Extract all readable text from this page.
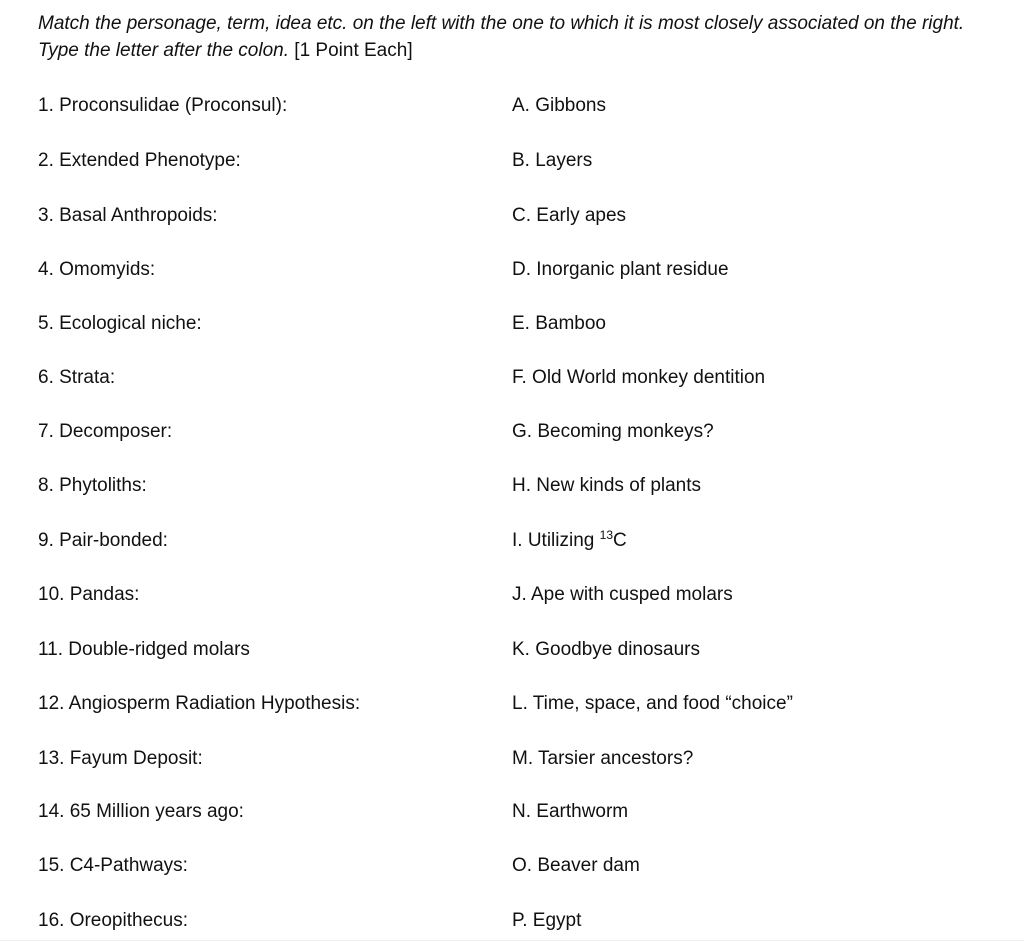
Match the personage, term, idea etc. on the left with the one to which it is most closely associated on the right. Type the letter after the colon. [1 Point Each]
1. Proconsulidae (Proconsul):
2. Extended Phenotype:
3. Basal Anthropoids:
4. Omomyids:
5. Ecological niche:
6. Strata:
7. Decomposer:
8. Phytoliths:
9. Pair-bonded:
10. Pandas:
11. Double-ridged molars
12. Angiosperm Radiation Hypothesis:
13. Fayum Deposit:
14. 65 Million years ago:
15. C4-Pathways:
16. Oreopithecus:
A. Gibbons
B. Layers
C. Early apes
D. Inorganic plant residue
E. Bamboo
F. Old World monkey dentition
G. Becoming monkeys?
H. New kinds of plants
I. Utilizing $^{13}$C
J. Ape with cusped molars
K. Goodbye dinosaurs
L. Time, space, and food “choice”
M. Tarsier ancestors?
N. Earthworm
O. Beaver dam
P. Egypt
